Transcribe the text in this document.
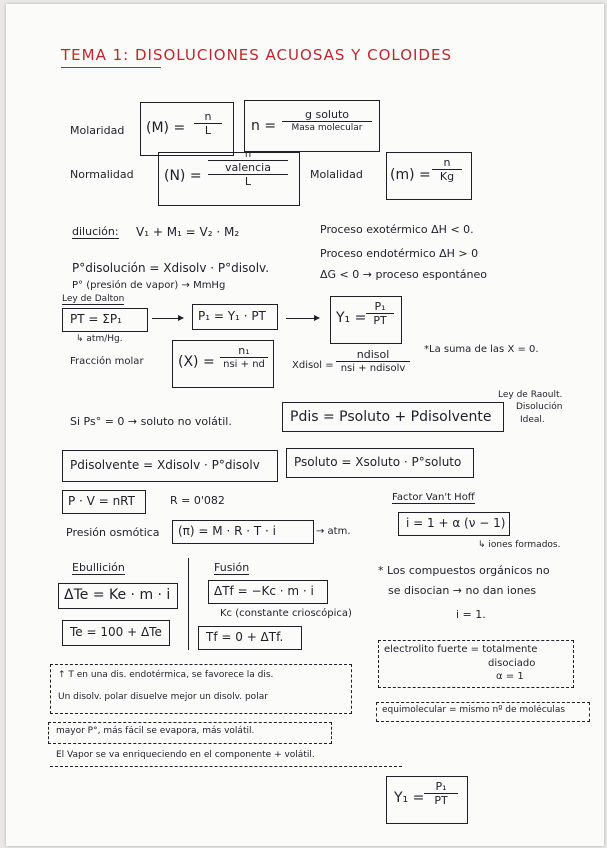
TEMA 1: DISOLUCIONES ACUOSAS Y COLOIDES
Molaridad (M) =
n
L	n =
g soluto
Masa molecular
Normalidad (N) =
n
valencia
L
Molalidad (m) =
n
Kg
dilución: V₁ + M₁ = V₂ · M₂	Proceso exotérmico ΔH < 0.
Proceso endotérmico ΔH > 0
ΔG < 0 → proceso espontáneo
P°disolución = Xdisolv · P°disolv.
P° (presión de vapor) → MmHg
Ley de Dalton
PT = ΣP₁
↳ atm/Hg.
P₁ = Y₁ · PT	Y₁ =
P₁
PT
Fracción molar (X) =
n₁
nsi + nd	Xdisol =
ndisol
nsi + ndisolv
*La suma de las X = 0.
Ley de Raoult.
Disolución
Ideal.
Si Ps° = 0 → soluto no volátil.	Pdis = Psoluto + Pdisolvente
Pdisolvente = Xdisolv · P°disolv	Psoluto = Xsoluto · P°soluto
P · V = nRT	R = 0'082	Factor Van't Hoff
i = 1 + α (ν − 1)
↳ iones formados.
Presión osmótica (π) = M · R · T · i	→ atm.
Ebullición
ΔTe = Ke · m · i
Te = 100 + ΔTe
Fusión
ΔTf = −Kc · m · i
Kc (constante crioscópica)
Tf = 0 + ΔTf.
* Los compuestos orgánicos no
se disocian → no dan iones
i = 1.
electrolito fuerte = totalmente
disociado
α = 1
equimolecular = mismo nº de moléculas
↑ T en una dis. endotérmica, se favorece la dis.
Un disolv. polar disuelve mejor un disolv. polar
mayor P°, más fácil se evapora, más volátil.
El Vapor se va enriqueciendo en el componente + volátil.
Y₁ =
P₁
PT
